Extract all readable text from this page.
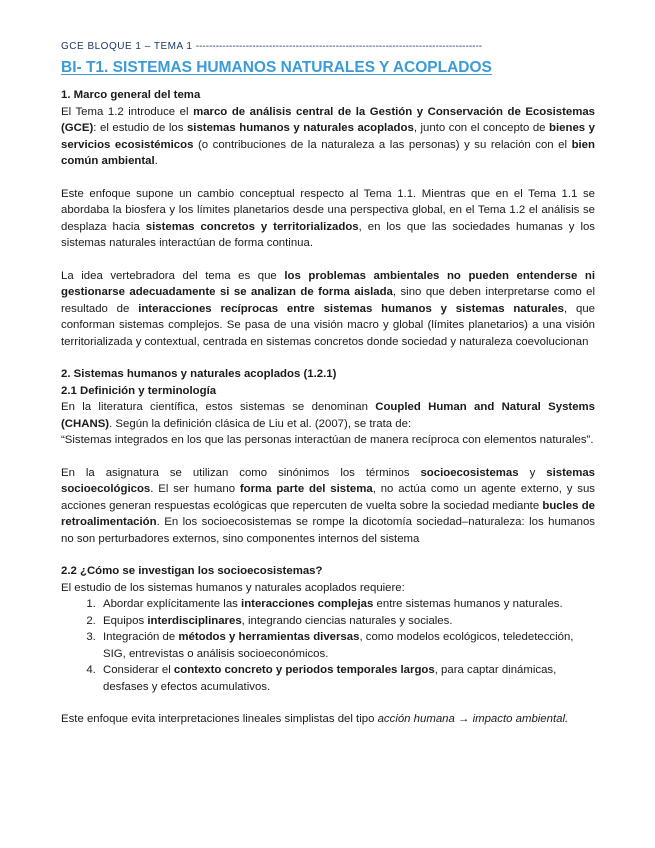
GCE BLOQUE 1 – TEMA 1 --------------------------------------------------------------------------------------
BI- T1. SISTEMAS HUMANOS NATURALES Y ACOPLADOS
1. Marco general del tema

El Tema 1.2 introduce el marco de análisis central de la Gestión y Conservación de Ecosistemas (GCE): el estudio de los sistemas humanos y naturales acoplados, junto con el concepto de bienes y servicios ecosistémicos (o contribuciones de la naturaleza a las personas) y su relación con el bien común ambiental.

Este enfoque supone un cambio conceptual respecto al Tema 1.1. Mientras que en el Tema 1.1 se abordaba la biosfera y los límites planetarios desde una perspectiva global, en el Tema 1.2 el análisis se desplaza hacia sistemas concretos y territorializados, en los que las sociedades humanas y los sistemas naturales interactúan de forma continua.

La idea vertebradora del tema es que los problemas ambientales no pueden entenderse ni gestionarse adecuadamente si se analizan de forma aislada, sino que deben interpretarse como el resultado de interacciones recíprocas entre sistemas humanos y sistemas naturales, que conforman sistemas complejos. Se pasa de una visión macro y global (límites planetarios) a una visión territorializada y contextual, centrada en sistemas concretos donde sociedad y naturaleza coevolucionan

2. Sistemas humanos y naturales acoplados (1.2.1)
2.1 Definición y terminología

En la literatura científica, estos sistemas se denominan Coupled Human and Natural Systems (CHANS). Según la definición clásica de Liu et al. (2007), se trata de:

“Sistemas integrados en los que las personas interactúan de manera recíproca con elementos naturales”.

En la asignatura se utilizan como sinónimos los términos socioecosistemas y sistemas socioecológicos. El ser humano forma parte del sistema, no actúa como un agente externo, y sus acciones generan respuestas ecológicas que repercuten de vuelta sobre la sociedad mediante bucles de retroalimentación. En los socioecosistemas se rompe la dicotomía sociedad–naturaleza: los humanos no son perturbadores externos, sino componentes internos del sistema

2.2 ¿Cómo se investigan los socioecosistemas?

El estudio de los sistemas humanos y naturales acoplados requiere:

1. Abordar explícitamente las interacciones complejas entre sistemas humanos y naturales.
2. Equipos interdisciplinares, integrando ciencias naturales y sociales.
3. Integración de métodos y herramientas diversas, como modelos ecológicos, teledetección, SIG, entrevistas o análisis socioeconómicos.
4. Considerar el contexto concreto y periodos temporales largos, para captar dinámicas, desfases y efectos acumulativos.

Este enfoque evita interpretaciones lineales simplistas del tipo acción humana → impacto ambiental.
